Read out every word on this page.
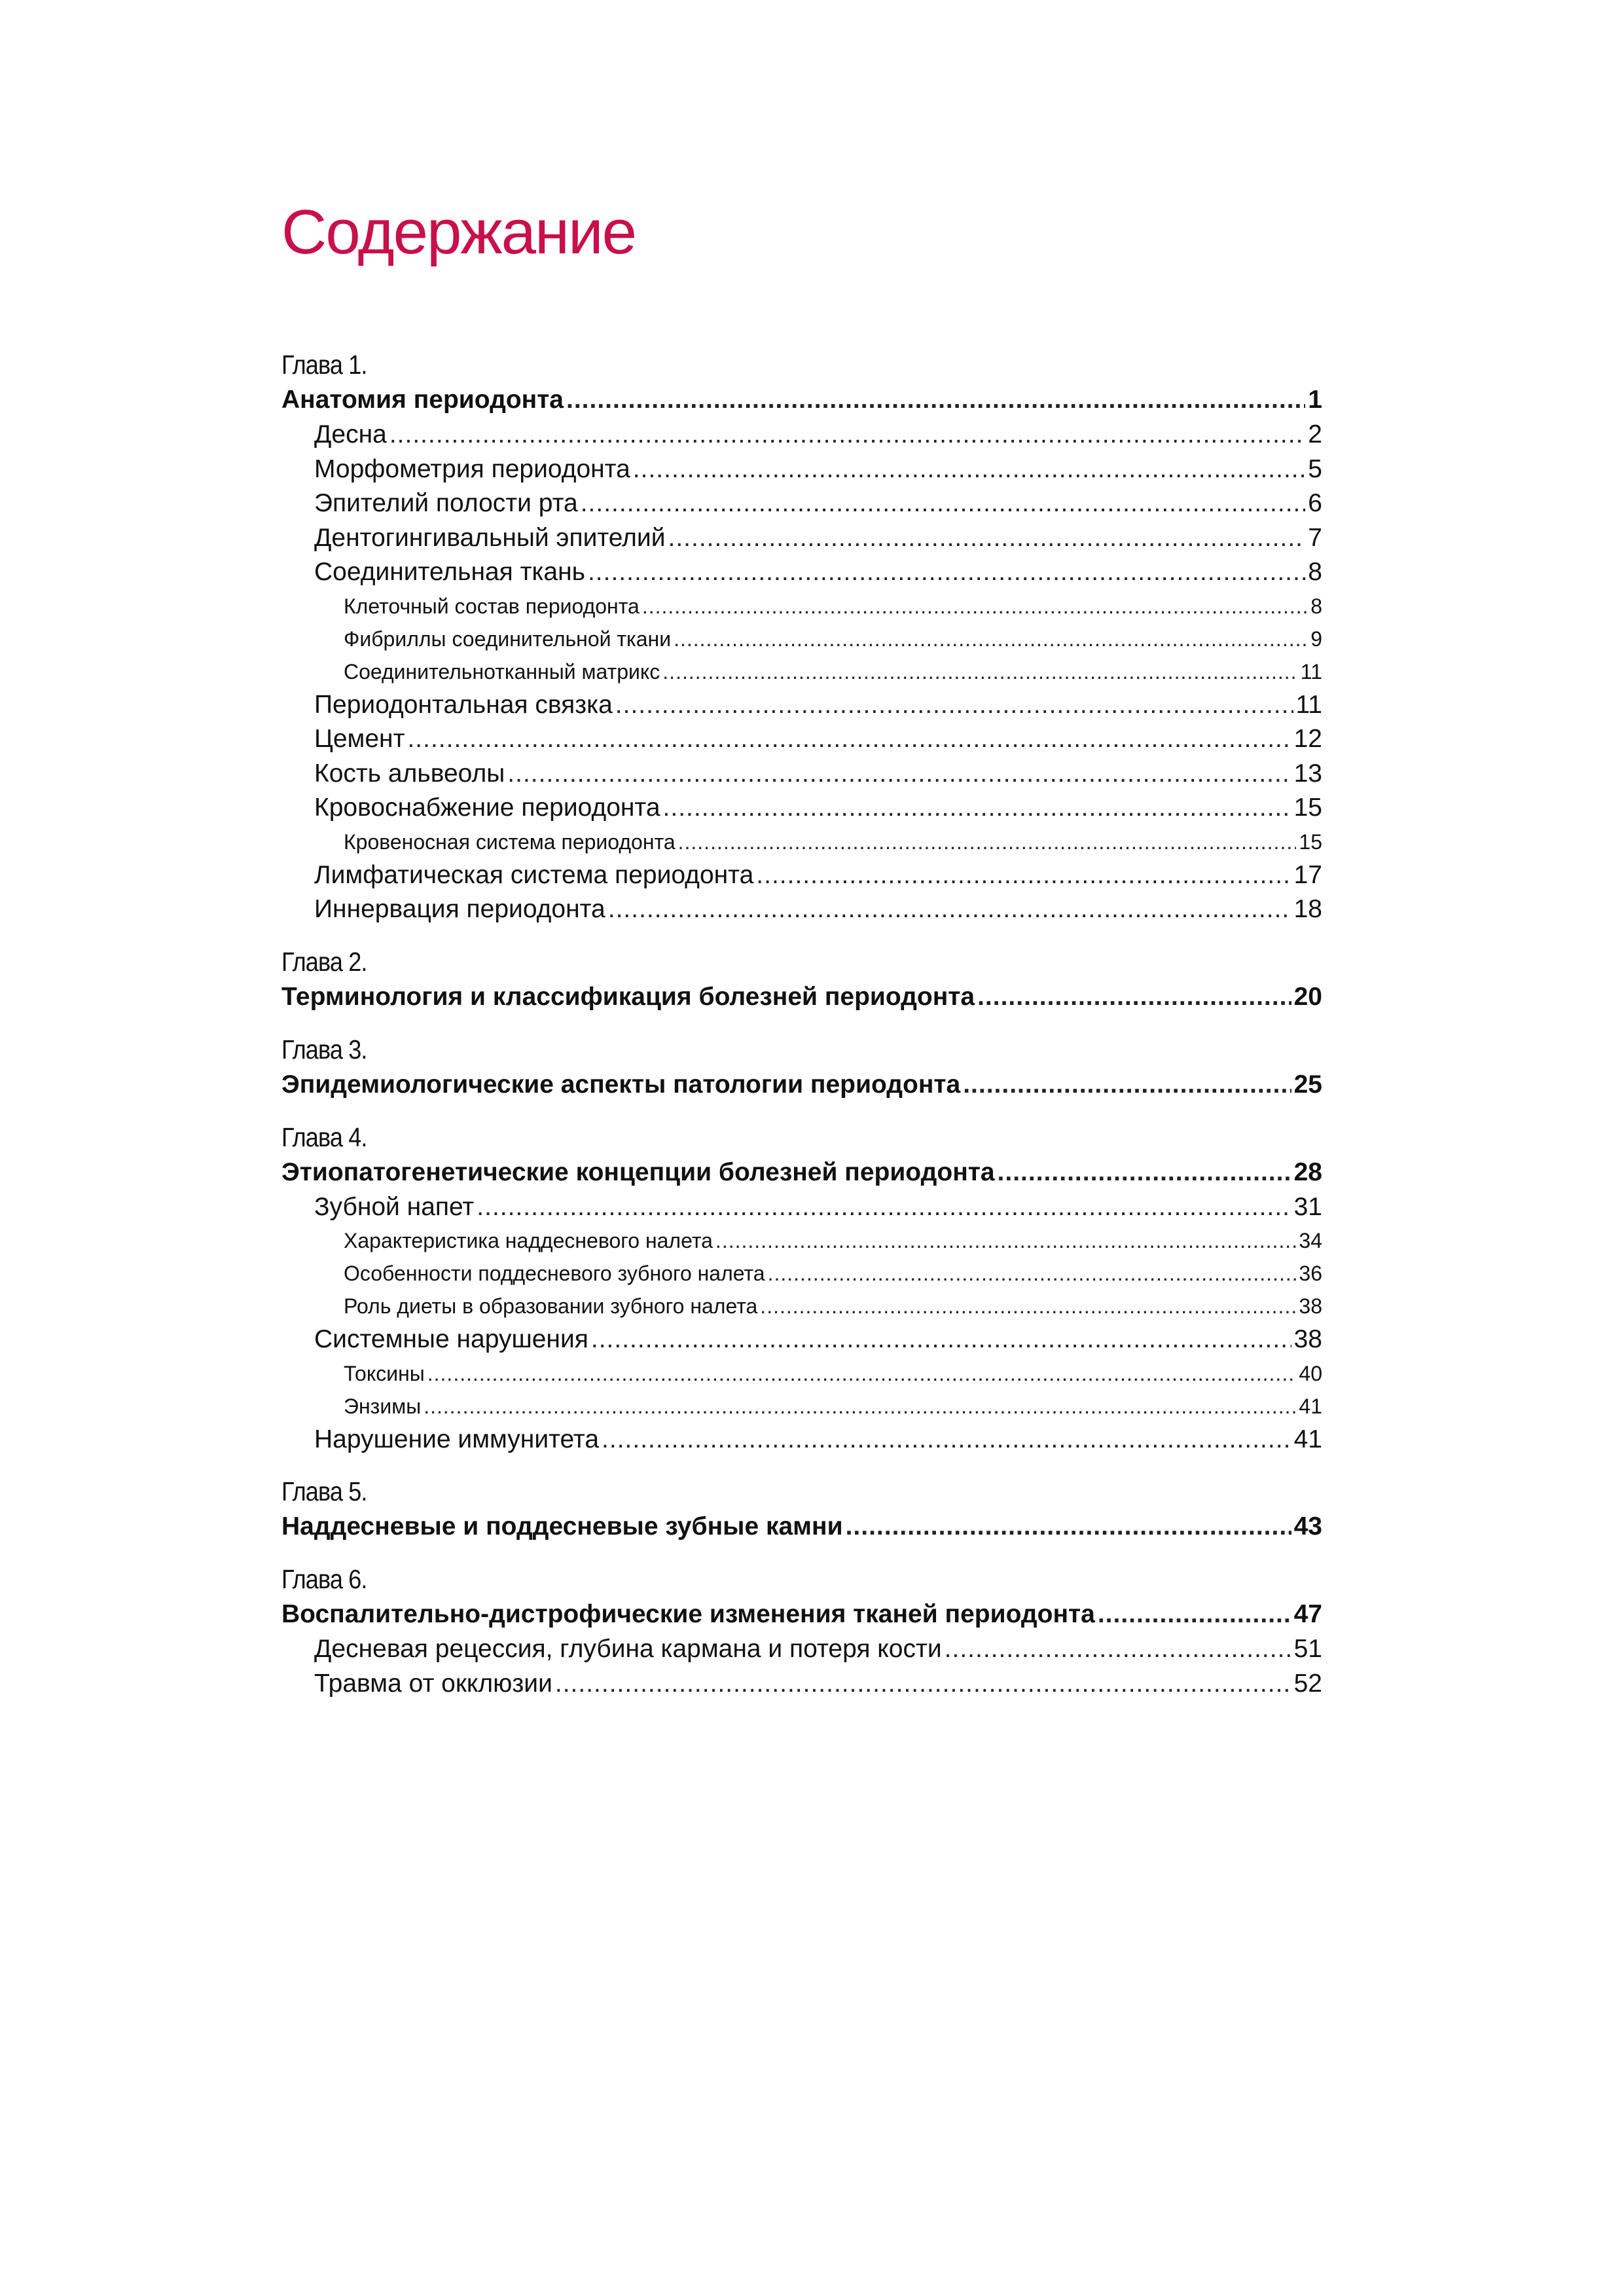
Содержание
Глава 1.
Анатомия периодонта .....	1
Десна .....	2
Морфометрия периодонта .....	5
Эпителий полости рта .....	6
Дентогингивальный эпителий .....	7
Соединительная ткань .....	8
Клеточный состав периодонта .....	8
Фибриллы соединительной ткани .....	9
Соединительнотканный матрикс .....	11
Периодонтальная связка .....	11
Цемент .....	12
Кость альвеолы .....	13
Кровоснабжение периодонта .....	15
Кровеносная система периодонта .....	15
Лимфатическая система периодонта .....	17
Иннервация периодонта .....	18
Глава 2.
Терминология и классификация болезней периодонта .....	20
Глава 3.
Эпидемиологические аспекты патологии периодонта .....	25
Глава 4.
Этиопатогенетические концепции болезней периодонта .....	28
Зубной напет .....	31
Характеристика наддесневого налета .....	34
Особенности поддесневого зубного налета .....	36
Роль диеты в образовании зубного налета .....	38
Системные нарушения .....	38
Токсины .....	40
Энзимы .....	41
Нарушение иммунитета .....	41
Глава 5.
Наддесневые и поддесневые зубные камни .....	43
Глава 6.
Воспалительно-дистрофические изменения тканей периодонта .....	47
Десневая рецессия, глубина кармана и потеря кости .....	51
Травма от окклюзии .....	52
